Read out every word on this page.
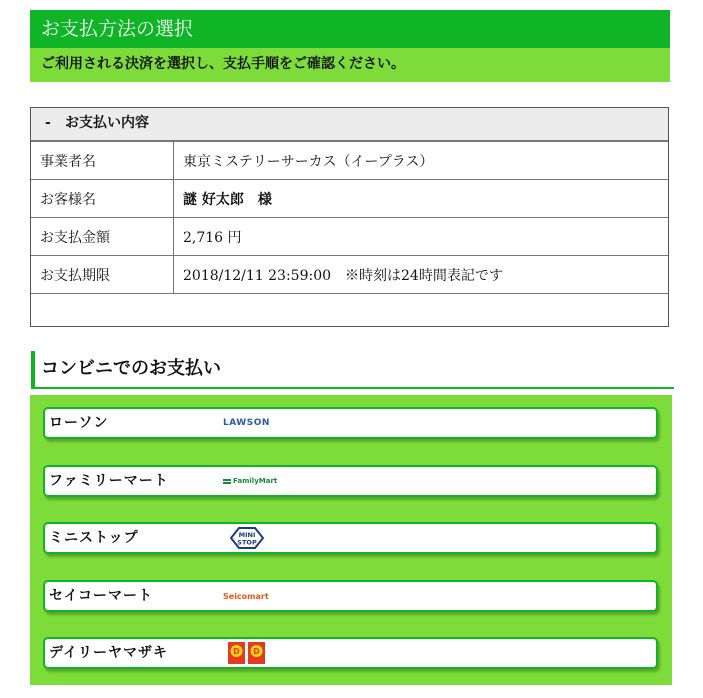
お支払方法の選択
ご利用される決済を選択し、支払手順をご確認ください。
- お支払い内容
事業者名	東京ミステリーサーカス（イープラス）
お客様名	謎 好太郎　様
お支払金額	2,716 円
お支払期限	2018/12/11 23:59:00　※時刻は24時間表記です

コンビニでのお支払い
ローソン	LAWSON
ファミリーマート	FamilyMart
ミニストップ	MINI
STOP
セイコーマート	Seicomart
デイリーヤマザキ	D D
